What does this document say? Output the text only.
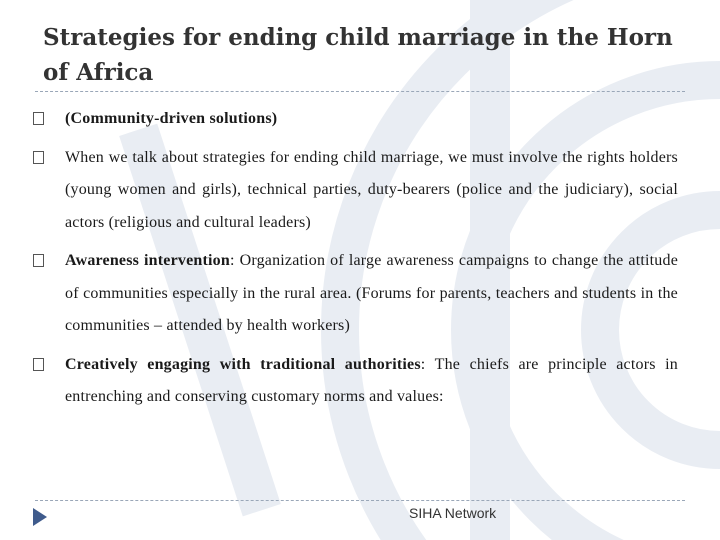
Strategies for ending child marriage in the Horn of Africa
(Community-driven solutions)
When we talk about strategies for ending child marriage, we must involve the rights holders (young women and girls), technical parties, duty-bearers (police and the judiciary), social actors (religious and cultural leaders)
Awareness intervention: Organization of large awareness campaigns to change the attitude of communities especially in the rural area. (Forums for parents, teachers and students in the communities – attended by health workers)
Creatively engaging with traditional authorities: The chiefs are principle actors in entrenching and conserving customary norms and values:
SIHA Network
